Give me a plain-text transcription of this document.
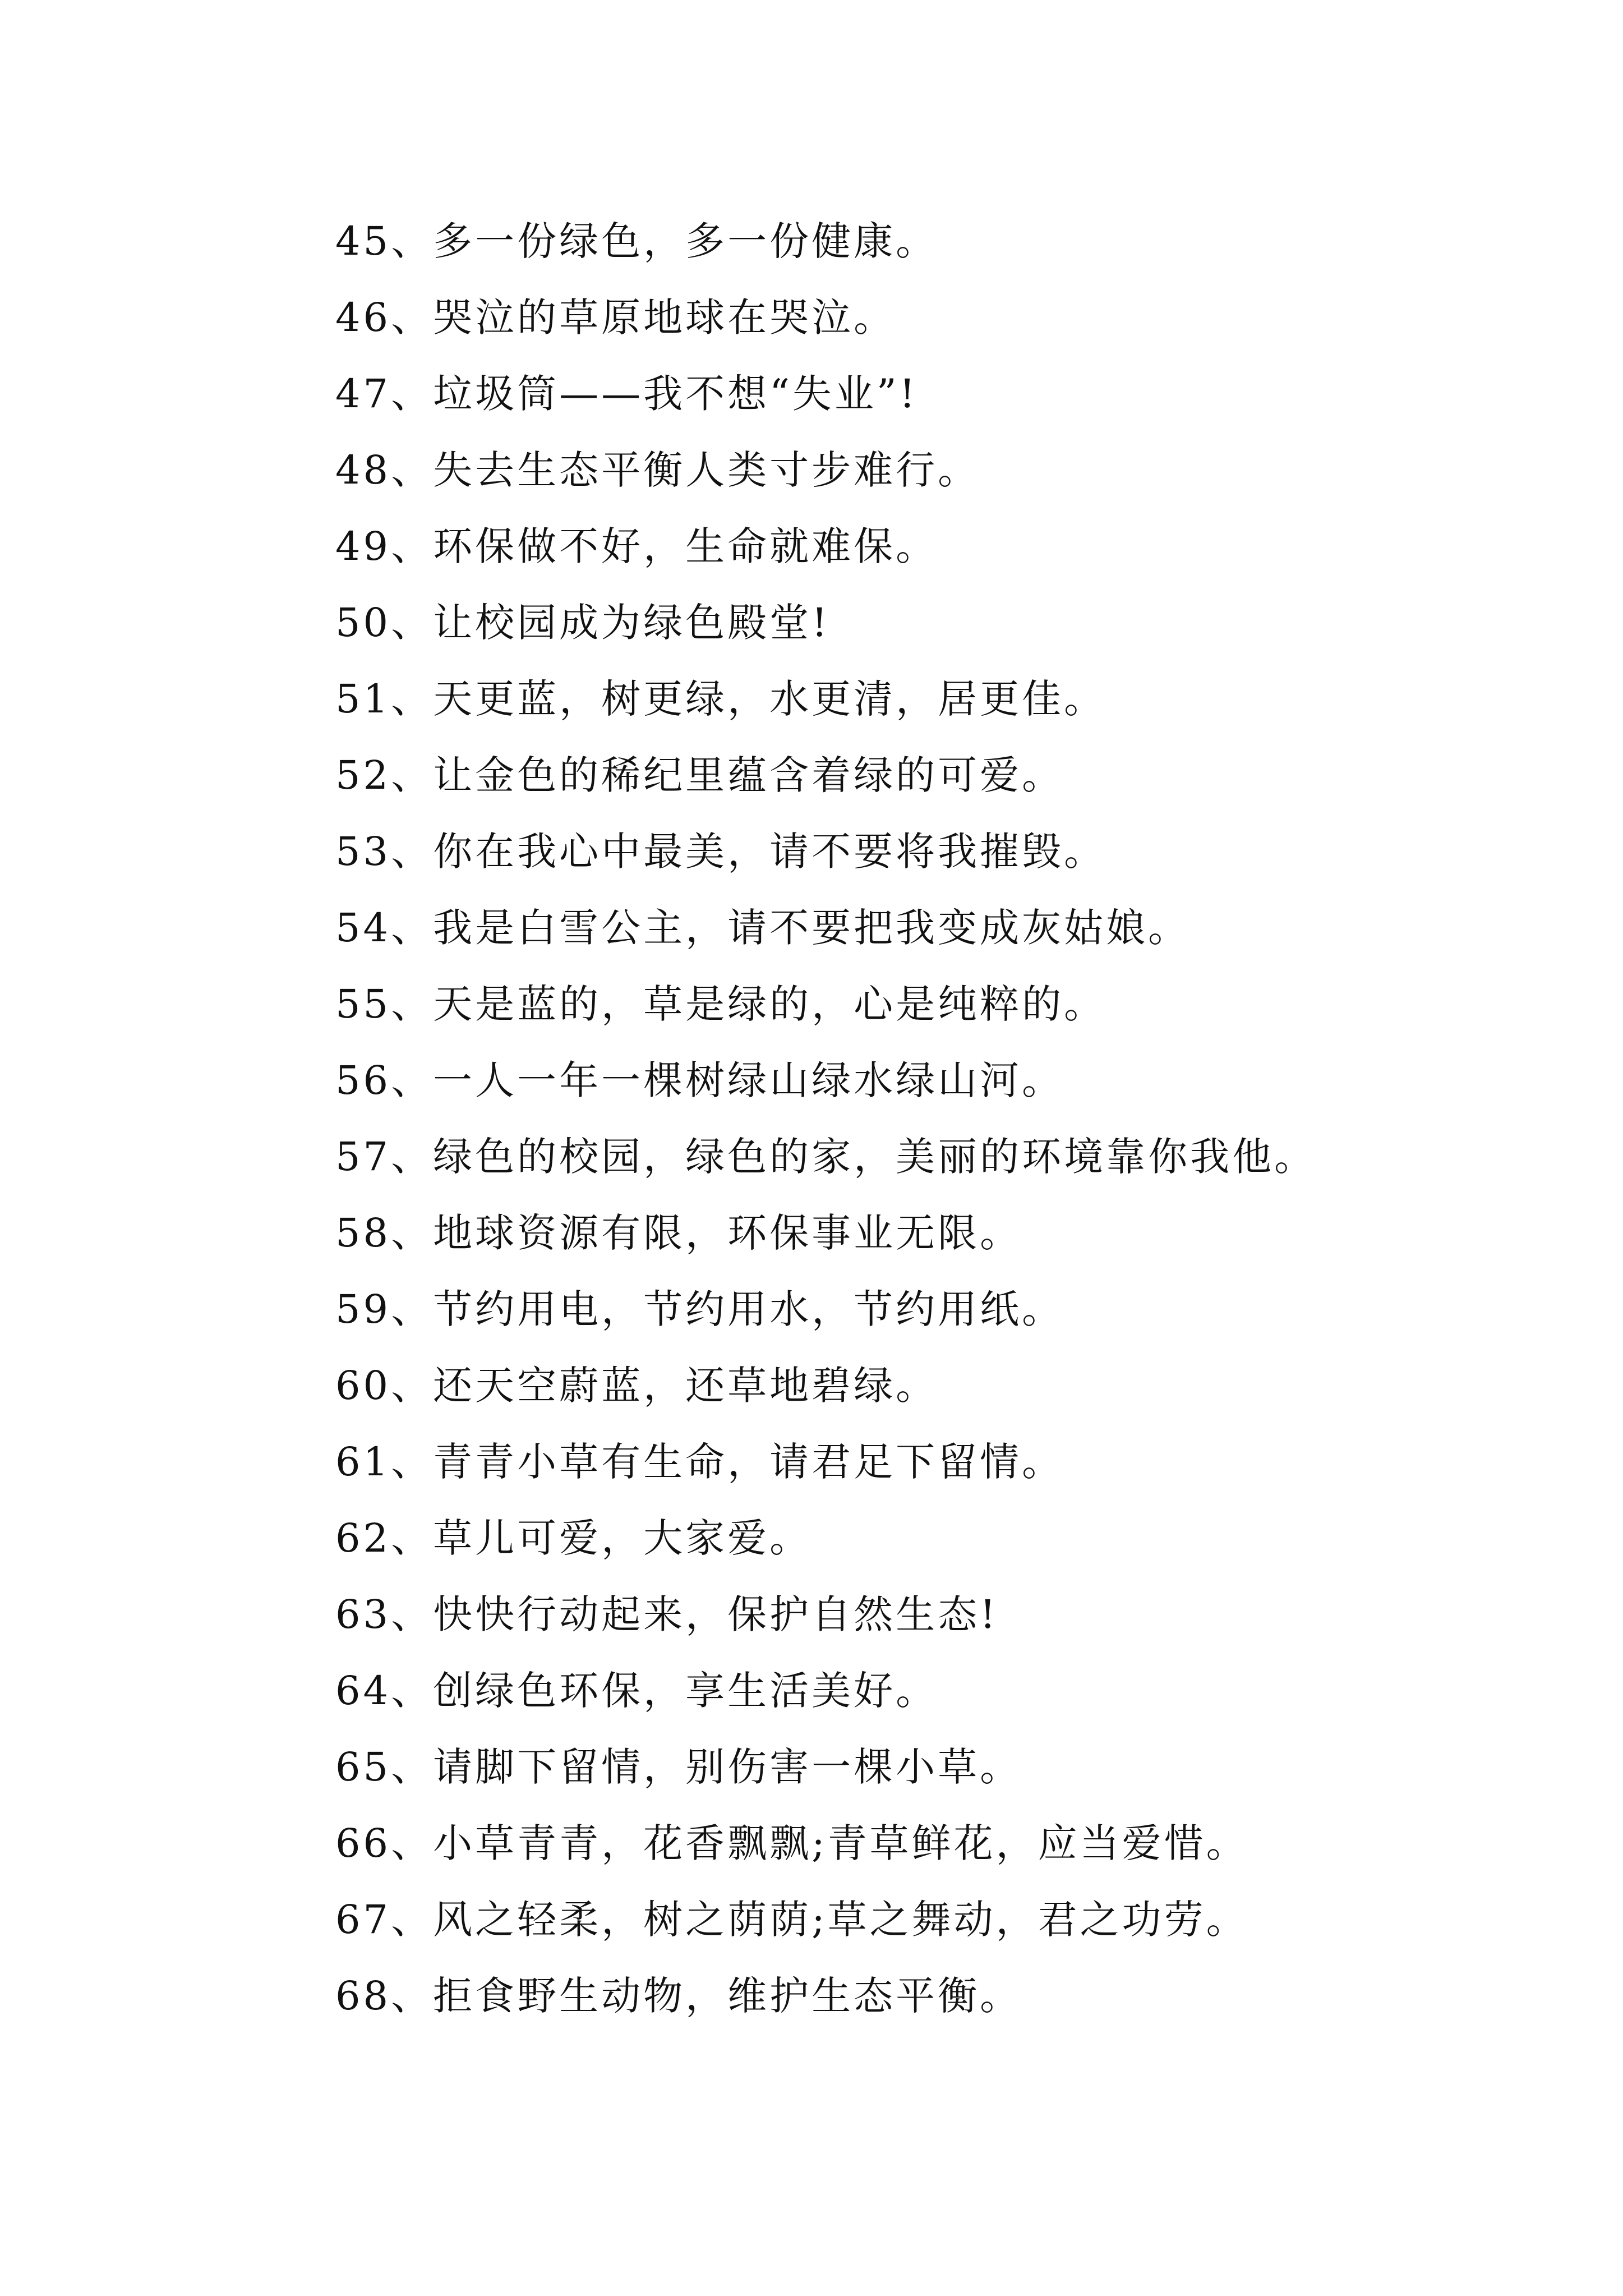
45、多一份绿色，多一份健康。
46、哭泣的草原地球在哭泣。
47、垃圾筒——我不想“失业”!
48、失去生态平衡人类寸步难行。
49、环保做不好，生命就难保。
50、让校园成为绿色殿堂!
51、天更蓝，树更绿，水更清，居更佳。
52、让金色的稀纪里蕴含着绿的可爱。
53、你在我心中最美，请不要将我摧毁。
54、我是白雪公主，请不要把我变成灰姑娘。
55、天是蓝的，草是绿的，心是纯粹的。
56、一人一年一棵树绿山绿水绿山河。
57、绿色的校园，绿色的家，美丽的环境靠你我他。
58、地球资源有限，环保事业无限。
59、节约用电，节约用水，节约用纸。
60、还天空蔚蓝，还草地碧绿。
61、青青小草有生命，请君足下留情。
62、草儿可爱，大家爱。
63、快快行动起来，保护自然生态!
64、创绿色环保，享生活美好。
65、请脚下留情，别伤害一棵小草。
66、小草青青，花香飘飘;青草鲜花，应当爱惜。
67、风之轻柔，树之荫荫;草之舞动，君之功劳。
68、拒食野生动物，维护生态平衡。
